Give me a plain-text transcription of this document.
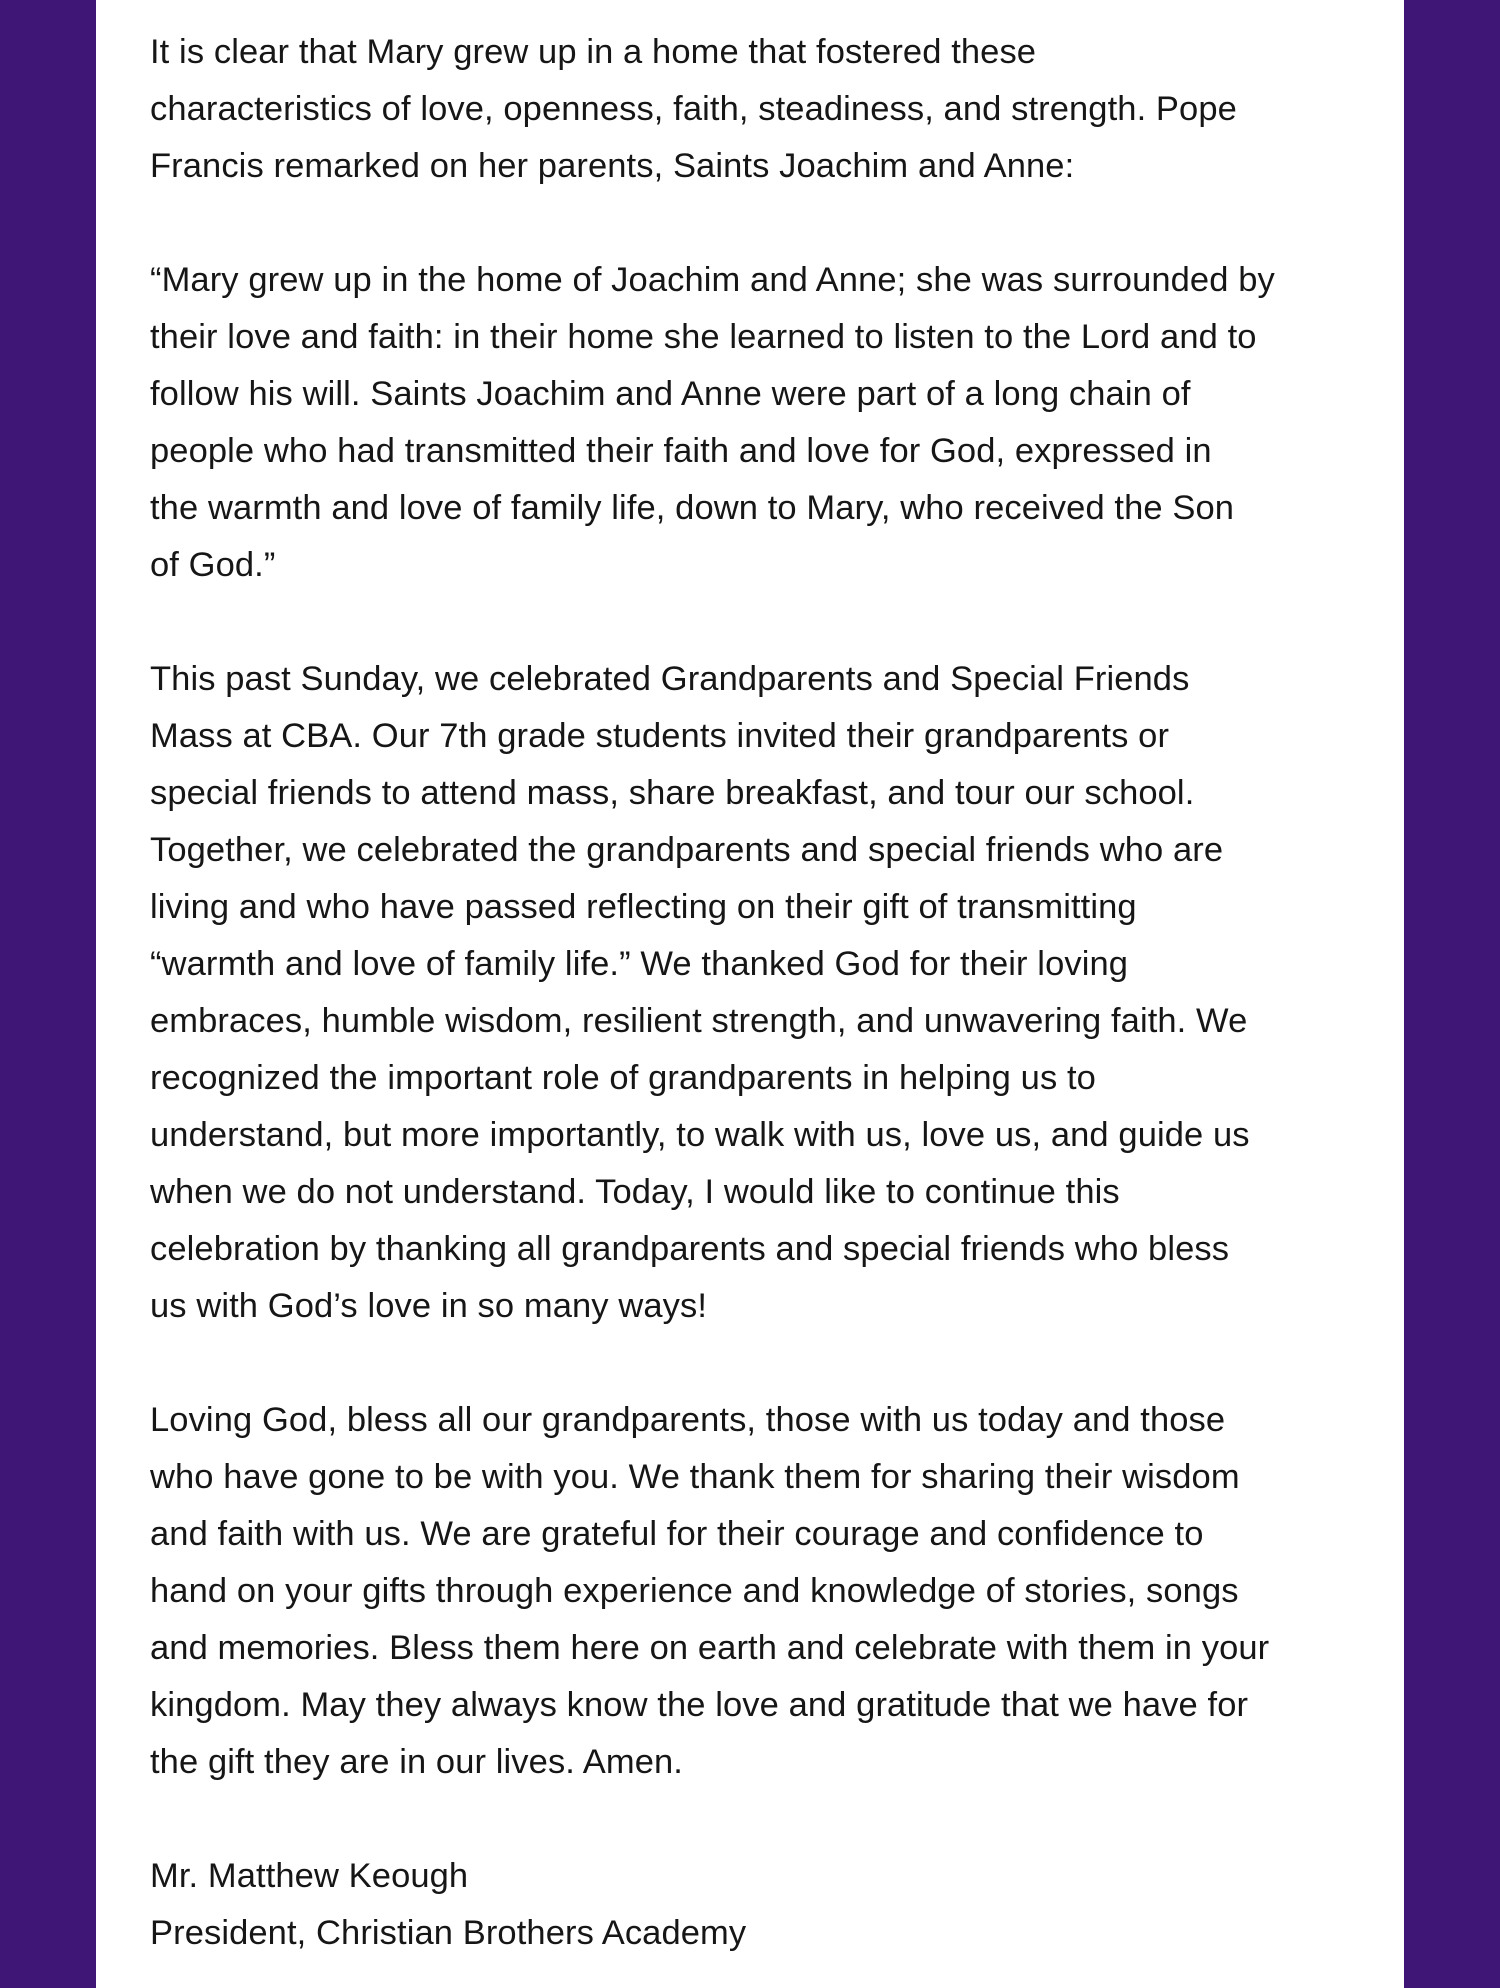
It is clear that Mary grew up in a home that fostered these
characteristics of love, openness, faith, steadiness, and strength. Pope
Francis remarked on her parents, Saints Joachim and Anne:

“Mary grew up in the home of Joachim and Anne; she was surrounded by
their love and faith: in their home she learned to listen to the Lord and to
follow his will. Saints Joachim and Anne were part of a long chain of
people who had transmitted their faith and love for God, expressed in
the warmth and love of family life, down to Mary, who received the Son
of God.”

This past Sunday, we celebrated Grandparents and Special Friends
Mass at CBA. Our 7th grade students invited their grandparents or
special friends to attend mass, share breakfast, and tour our school.
Together, we celebrated the grandparents and special friends who are
living and who have passed reflecting on their gift of transmitting
“warmth and love of family life.” We thanked God for their loving
embraces, humble wisdom, resilient strength, and unwavering faith. We
recognized the important role of grandparents in helping us to
understand, but more importantly, to walk with us, love us, and guide us
when we do not understand. Today, I would like to continue this
celebration by thanking all grandparents and special friends who bless
us with God’s love in so many ways!

Loving God, bless all our grandparents, those with us today and those
who have gone to be with you. We thank them for sharing their wisdom
and faith with us. We are grateful for their courage and confidence to
hand on your gifts through experience and knowledge of stories, songs
and memories. Bless them here on earth and celebrate with them in your
kingdom. May they always know the love and gratitude that we have for
the gift they are in our lives. Amen.

Mr. Matthew Keough
President, Christian Brothers Academy
